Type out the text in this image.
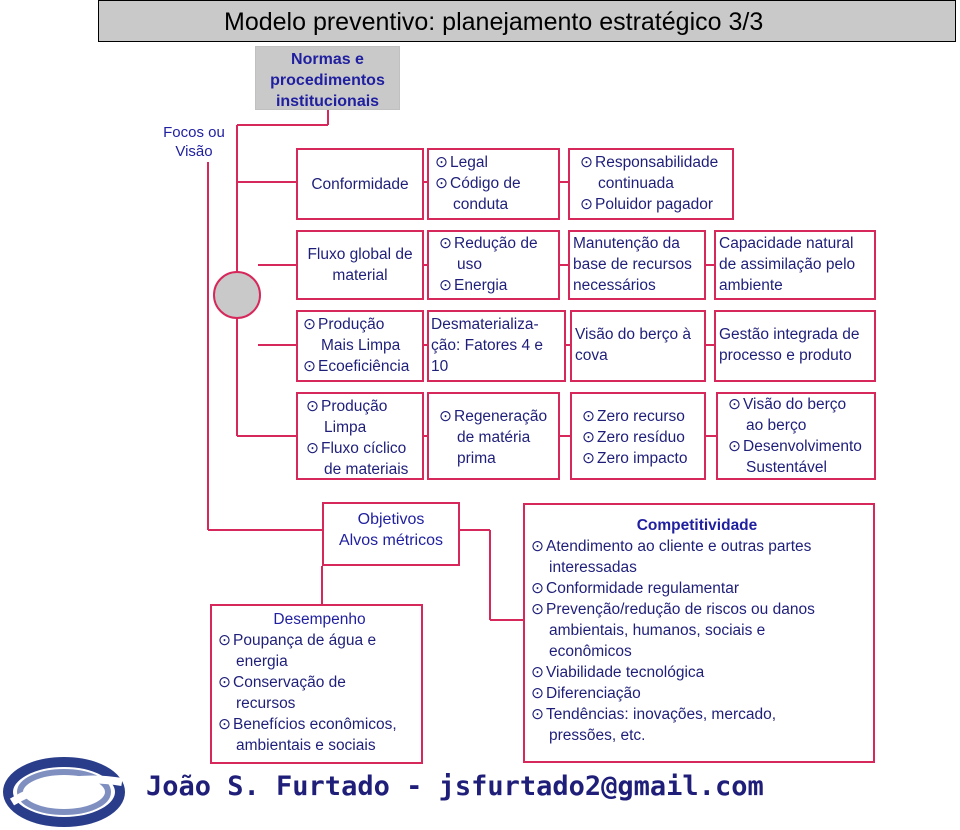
Modelo preventivo: planejamento estratégico 3/3
Normas e
procedimentos
institucionais
Focos ou
Visão
Conformidade
⊙ Legal
⊙ Código de
conduta
⊙ Responsabilidade
continuada
⊙ Poluidor pagador
Fluxo global de
material
⊙ Redução de
uso
⊙ Energia
Manutenção da
base de recursos
necessários
Capacidade natural
de assimilação pelo
ambiente
⊙ Produção
Mais Limpa
⊙ Ecoeficiência
Desmaterializa-
ção: Fatores 4 e
10
Visão do berço à
cova
Gestão integrada de
processo e produto
⊙ Produção
Limpa
⊙ Fluxo cíclico
de materiais
⊙ Regeneração
de matéria
prima
⊙ Zero recurso
⊙ Zero resíduo
⊙ Zero impacto
⊙ Visão do berço
ao berço
⊙ Desenvolvimento
Sustentável
Objetivos
Alvos métricos
Desempenho
⊙ Poupança de água e
energia
⊙ Conservação de
recursos
⊙ Benefícios econômicos,
ambientais e sociais
Competitividade
⊙ Atendimento ao cliente e outras partes
interessadas
⊙ Conformidade regulamentar
⊙ Prevenção/redução de riscos ou danos
ambientais, humanos, sociais e
econômicos
⊙ Viabilidade tecnológica
⊙ Diferenciação
⊙ Tendências: inovações, mercado,
pressões, etc.
João S. Furtado - jsfurtado2@gmail.com
